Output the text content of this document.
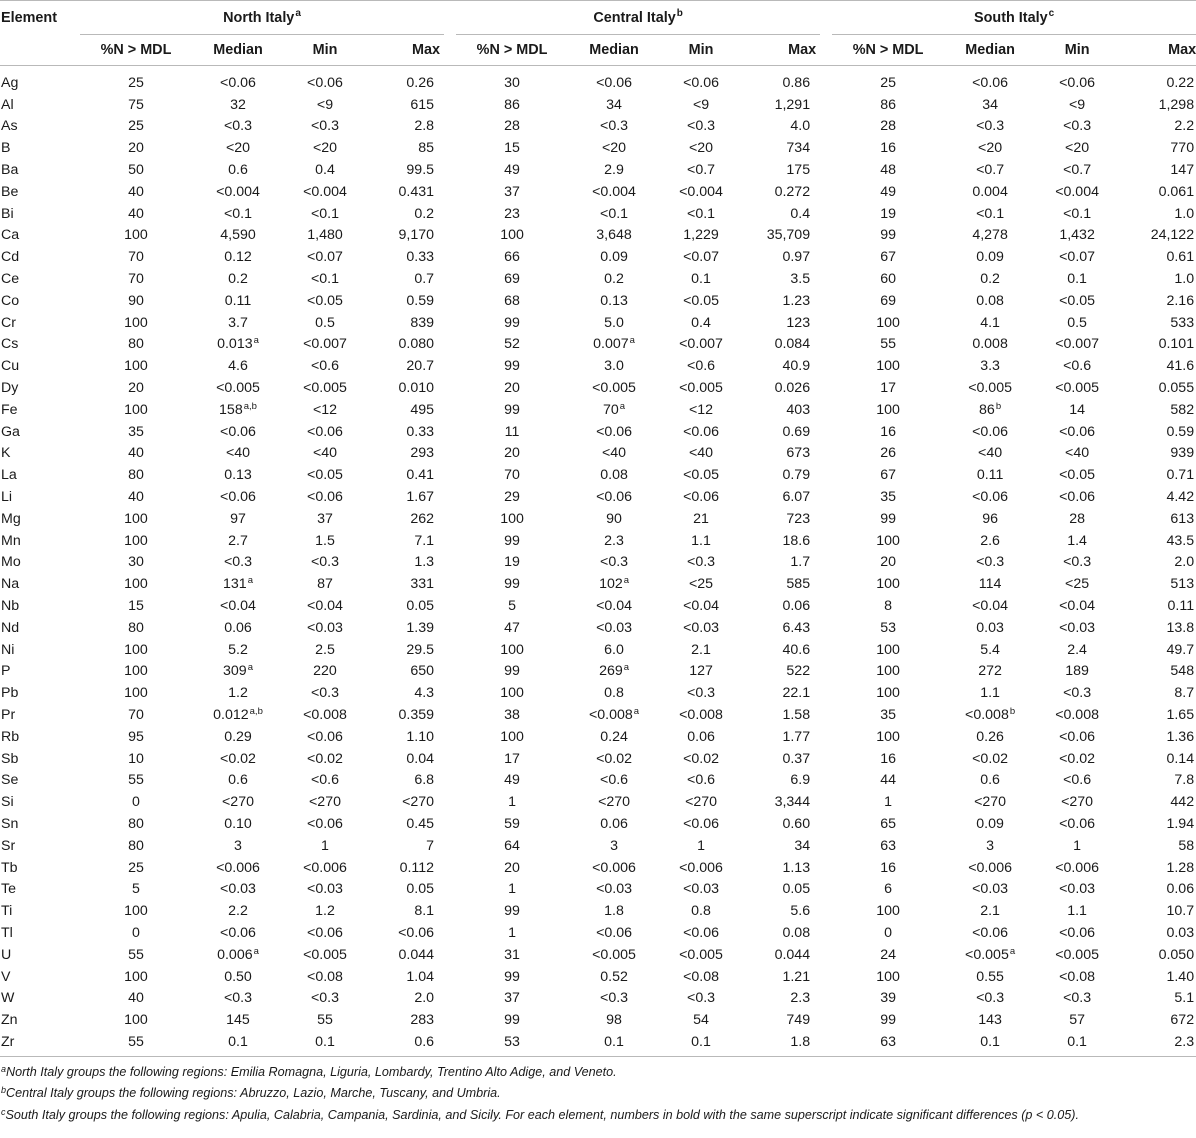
Element	North Italy$^a$					Central Italy$^b$					South Italy$^c$

	%N > MDL	Median	Min	Max		%N > MDL	Median	Min	Max		%N > MDL	Median	Min	Max

Ag	25	<0.06	<0.06	0.26		30	<0.06	<0.06	0.86		25	<0.06	<0.06	0.22
Al	75	32	<9	615		86	34	<9	1,291		86	34	<9	1,298
As	25	<0.3	<0.3	2.8		28	<0.3	<0.3	4.0		28	<0.3	<0.3	2.2
B	20	<20	<20	85		15	<20	<20	734		16	<20	<20	770
Ba	50	0.6	0.4	99.5		49	2.9	<0.7	175		48	<0.7	<0.7	147
Be	40	<0.004	<0.004	0.431		37	<0.004	<0.004	0.272		49	0.004	<0.004	0.061
Bi	40	<0.1	<0.1	0.2		23	<0.1	<0.1	0.4		19	<0.1	<0.1	1.0
Ca	100	4,590	1,480	9,170		100	3,648	1,229	35,709		99	4,278	1,432	24,122
Cd	70	0.12	<0.07	0.33		66	0.09	<0.07	0.97		67	0.09	<0.07	0.61
Ce	70	0.2	<0.1	0.7		69	0.2	0.1	3.5		60	0.2	0.1	1.0
Co	90	0.11	<0.05	0.59		68	0.13	<0.05	1.23		69	0.08	<0.05	2.16
Cr	100	3.7	0.5	839		99	5.0	0.4	123		100	4.1	0.5	533
Cs	80	0.013$^a$	<0.007	0.080		52	0.007$^a$	<0.007	0.084		55	0.008	<0.007	0.101
Cu	100	4.6	<0.6	20.7		99	3.0	<0.6	40.9		100	3.3	<0.6	41.6
Dy	20	<0.005	<0.005	0.010		20	<0.005	<0.005	0.026		17	<0.005	<0.005	0.055
Fe	100	$158^{a,b}$	<12	495		99	$70^a$	<12	403		100	86$^b$	14	582
Ga	35	<0.06	<0.06	0.33		11	<0.06	<0.06	0.69		16	<0.06	<0.06	0.59
K	40	<40	<40	293		20	<40	<40	673		26	<40	<40	939
La	80	0.13	<0.05	0.41		70	0.08	<0.05	0.79		67	0.11	<0.05	0.71
Li	40	<0.06	<0.06	1.67		29	<0.06	<0.06	6.07		35	<0.06	<0.06	4.42
Mg	100	97	37	262		100	90	21	723		99	96	28	613
Mn	100	2.7	1.5	7.1		99	2.3	1.1	18.6		100	2.6	1.4	43.5
Mo	30	<0.3	<0.3	1.3		19	<0.3	<0.3	1.7		20	<0.3	<0.3	2.0
Na	100	131$^a$	87	331		99	$102^a$	<25	585		100	114	<25	513
Nb	15	<0.04	<0.04	0.05		5	<0.04	<0.04	0.06		8	<0.04	<0.04	0.11
Nd	80	0.06	<0.03	1.39		47	<0.03	<0.03	6.43		53	0.03	<0.03	13.8
Ni	100	5.2	2.5	29.5		100	6.0	2.1	40.6		100	5.4	2.4	49.7
P	100	309$^a$	220	650		99	269$^a$	127	522		100	272	189	548
Pb	100	1.2	<0.3	4.3		100	0.8	<0.3	22.1		100	1.1	<0.3	8.7
Pr	70	$0.012^{a,b}$	<0.008	0.359		38	<0.008$^a$	<0.008	1.58		35	<0.008$^b$	<0.008	1.65
Rb	95	0.29	<0.06	1.10		100	0.24	0.06	1.77		100	0.26	<0.06	1.36
Sb	10	<0.02	<0.02	0.04		17	<0.02	<0.02	0.37		16	<0.02	<0.02	0.14
Se	55	0.6	<0.6	6.8		49	<0.6	<0.6	6.9		44	0.6	<0.6	7.8
Si	0	<270	<270	<270		1	<270	<270	3,344		1	<270	<270	442
Sn	80	0.10	<0.06	0.45		59	0.06	<0.06	0.60		65	0.09	<0.06	1.94
Sr	80	3	1	7		64	3	1	34		63	3	1	58
Tb	25	<0.006	<0.006	0.112		20	<0.006	<0.006	1.13		16	<0.006	<0.006	1.28
Te	5	<0.03	<0.03	0.05		1	<0.03	<0.03	0.05		6	<0.03	<0.03	0.06
Ti	100	2.2	1.2	8.1		99	1.8	0.8	5.6		100	2.1	1.1	10.7
Tl	0	<0.06	<0.06	<0.06		1	<0.06	<0.06	0.08		0	<0.06	<0.06	0.03
U	55	0.006$^a$	<0.005	0.044		31	<0.005	<0.005	0.044		24	<0.005$^a$	<0.005	0.050
V	100	0.50	<0.08	1.04		99	0.52	<0.08	1.21		100	0.55	<0.08	1.40
W	40	<0.3	<0.3	2.0		37	<0.3	<0.3	2.3		39	<0.3	<0.3	5.1
Zn	100	145	55	283		99	98	54	749		99	143	57	672
Zr	55	0.1	0.1	0.6		53	0.1	0.1	1.8		63	0.1	0.1	2.3
$^a$North Italy groups the following regions: Emilia Romagna, Liguria, Lombardy, Trentino Alto Adige, and Veneto.
$^b$Central Italy groups the following regions: Abruzzo, Lazio, Marche, Tuscany, and Umbria.
$^c$South Italy groups the following regions: Apulia, Calabria, Campania, Sardinia, and Sicily. For each element, numbers in bold with the same superscript indicate significant differences (p < 0.05).
